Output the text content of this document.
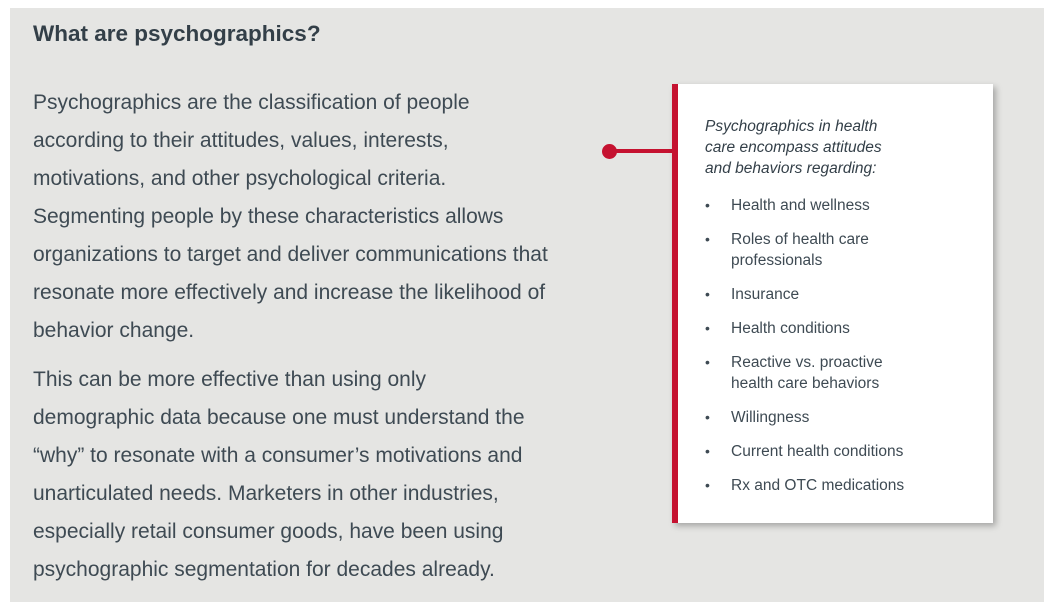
What are psychographics?
Psychographics are the classification of people
according to their attitudes, values, interests,
motivations, and other psychological criteria.
Segmenting people by these characteristics allows
organizations to target and deliver communications that
resonate more effectively and increase the likelihood of
behavior change.
This can be more effective than using only
demographic data because one must understand the
“why” to resonate with a consumer’s motivations and
unarticulated needs. Marketers in other industries,
especially retail consumer goods, have been using
psychographic segmentation for decades already.
Psychographics in health
care encompass attitudes
and behaviors regarding:
•	Health and wellness
•	Roles of health care professionals
•	Insurance
•	Health conditions
•	Reactive vs. proactive health care behaviors
•	Willingness
•	Current health conditions
•	Rx and OTC medications
